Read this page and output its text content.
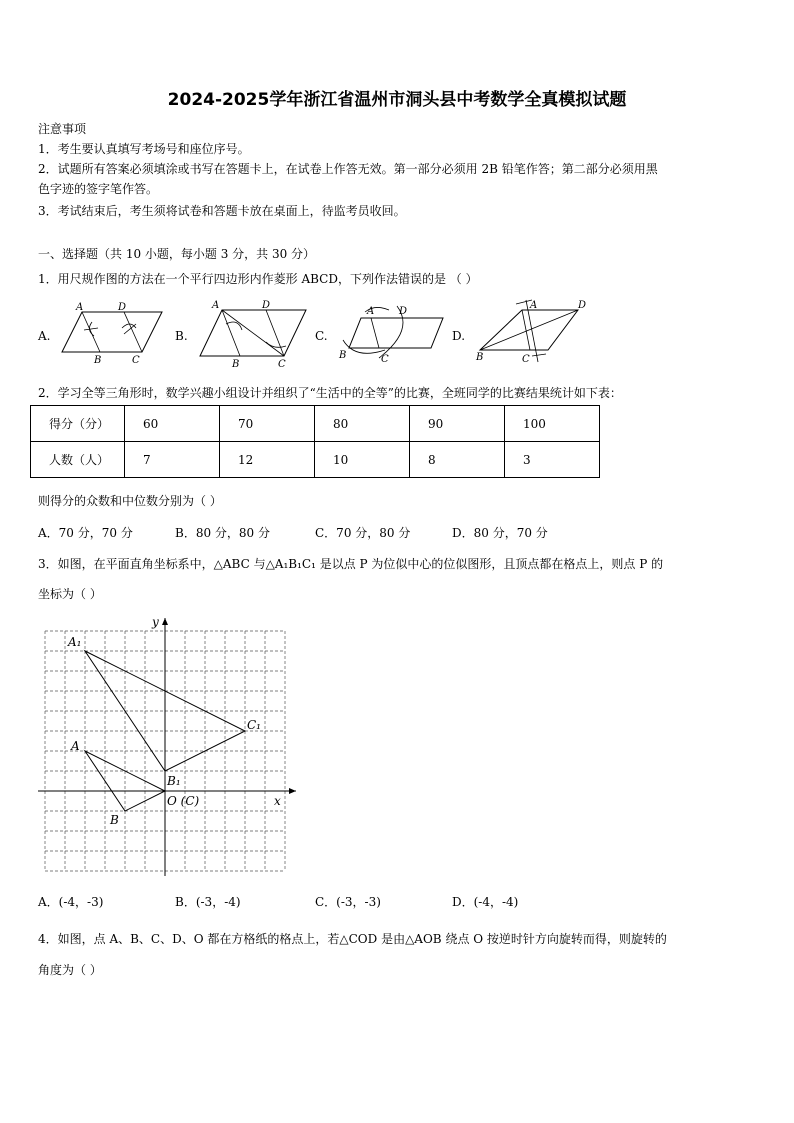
2024-2025学年浙江省温州市洞头县中考数学全真模拟试题
注意事项
1．考生要认真填写考场号和座位序号。
2．试题所有答案必须填涂或书写在答题卡上，在试卷上作答无效。第一部分必须用 2B 铅笔作答；第二部分必须用黑
色字迹的签字笔作答。
3．考试结束后，考生须将试卷和答题卡放在桌面上，待监考员收回。
一、选择题（共 10 小题，每小题 3 分，共 30 分）
1．用尺规作图的方法在一个平行四边形内作菱形 ABCD，下列作法错误的是 （ ）
A.
A	D
B	C
B.
A	D
B	C
C.
A D
B	C
D.
A	D
B	C
2．学习全等三角形时，数学兴趣小组设计并组织了“生活中的全等”的比赛，全班同学的比赛结果统计如下表：
得分（分）	60	70	80	90	100
人数（人）	7	12	10	8	3
则得分的众数和中位数分别为（ ）
A．70 分，70 分	B．80 分，80 分	C．70 分，80 分	D．80 分，70 分
3．如图，在平面直角坐标系中，△ABC 与△A₁B₁C₁ 是以点 P 为位似中心的位似图形，且顶点都在格点上，则点 P 的
坐标为（ ）
A₁
C₁
B₁
A
B
O (C)	x
y
A．(-4，-3)	B．(-3，-4)	C．(-3，-3)	D．(-4，-4)
4．如图，点 A、B、C、D、O 都在方格纸的格点上，若△COD 是由△AOB 绕点 O 按逆时针方向旋转而得，则旋转的
角度为（ ）
